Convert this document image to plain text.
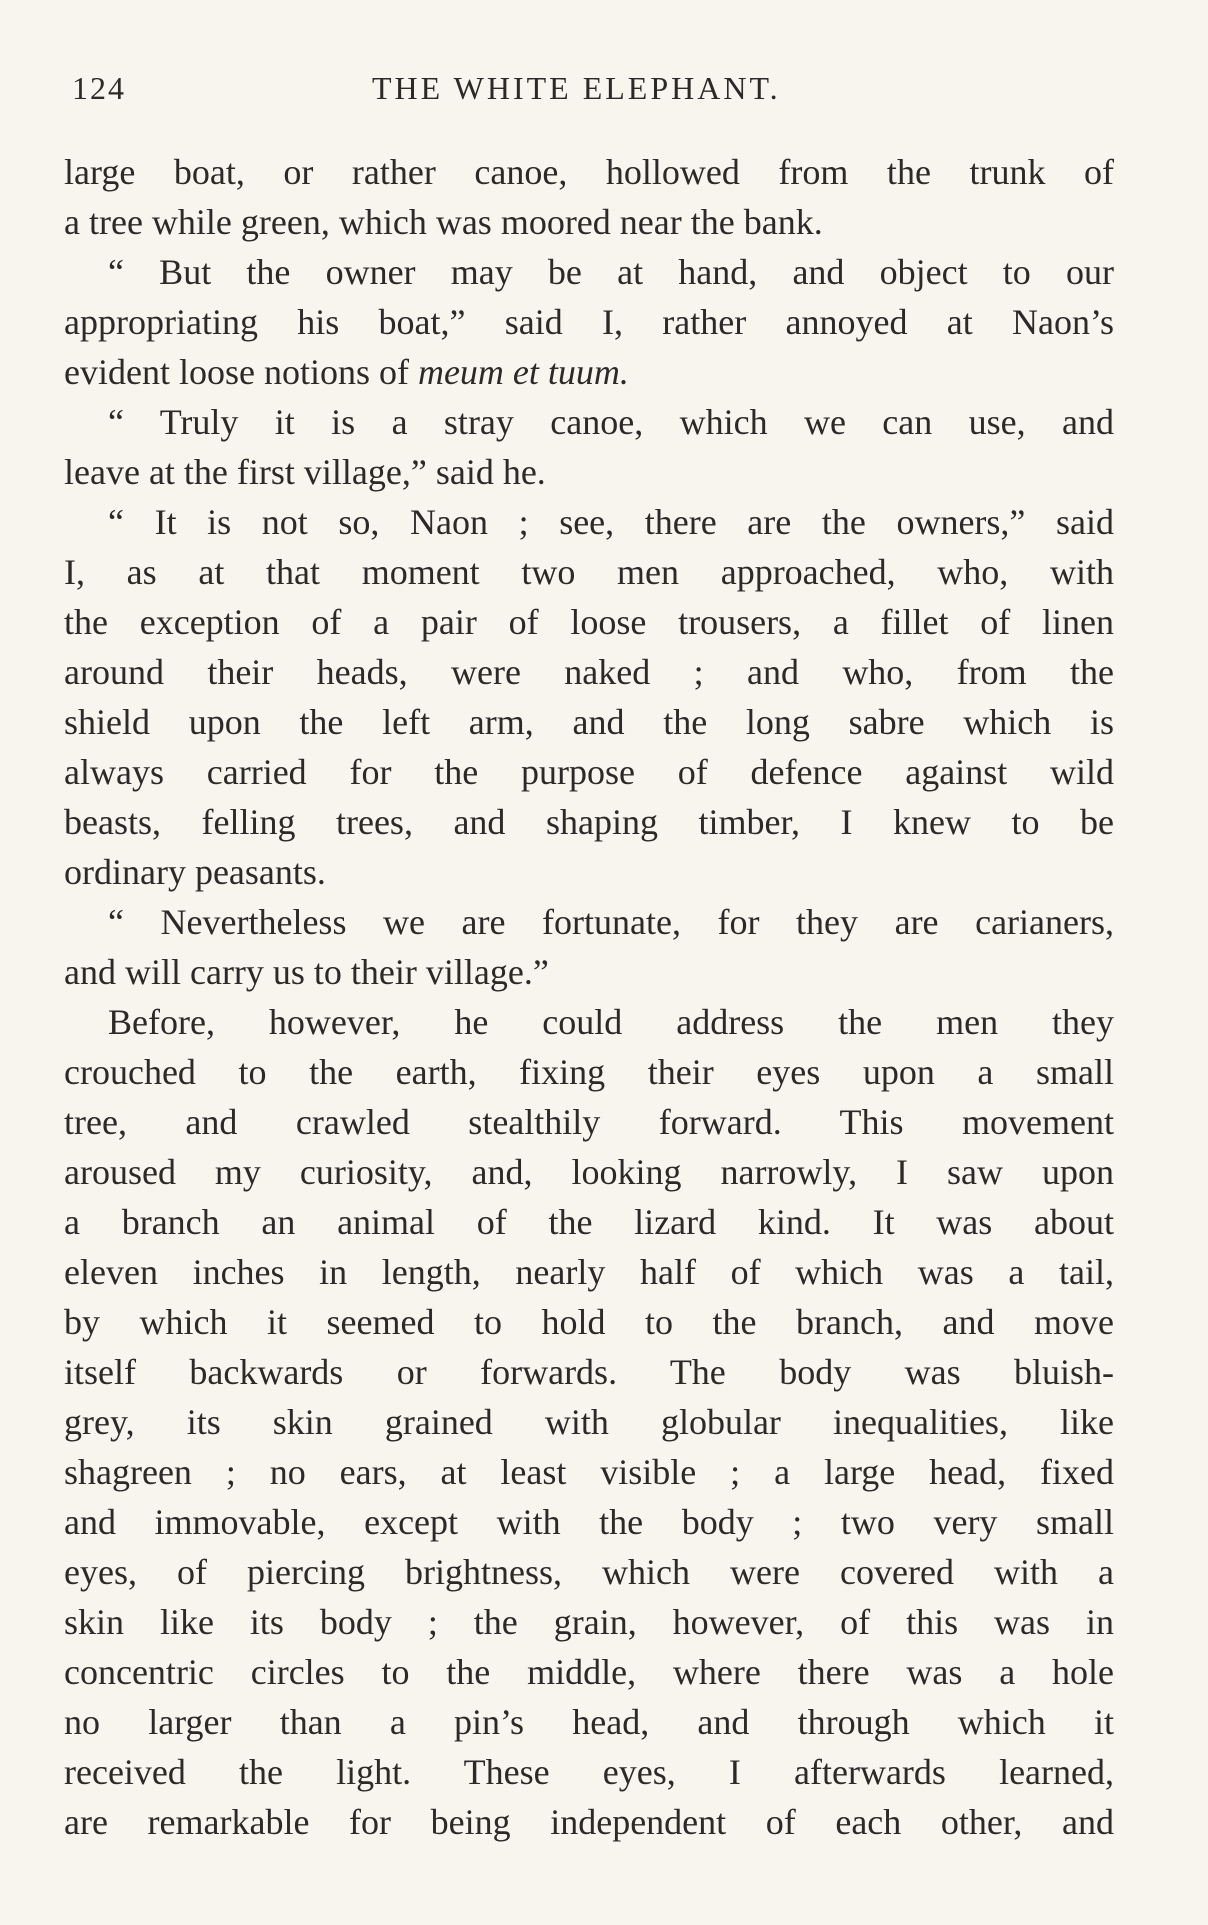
124	THE WHITE ELEPHANT.
large boat, or rather canoe, hollowed from the trunk of
a tree while green, which was moored near the bank.
“ But the owner may be at hand, and object to our
appropriating his boat,” said I, rather annoyed at Naon’s
evident loose notions of meum et tuum.
“ Truly it is a stray canoe, which we can use, and
leave at the first village,” said he.
“ It is not so, Naon ; see, there are the owners,” said
I, as at that moment two men approached, who, with
the exception of a pair of loose trousers, a fillet of linen
around their heads, were naked ; and who, from the
shield upon the left arm, and the long sabre which is
always carried for the purpose of defence against wild
beasts, felling trees, and shaping timber, I knew to be
ordinary peasants.
“ Nevertheless we are fortunate, for they are carianers,
and will carry us to their village.”
Before, however, he could address the men they
crouched to the earth, fixing their eyes upon a small
tree, and crawled stealthily forward. This movement
aroused my curiosity, and, looking narrowly, I saw upon
a branch an animal of the lizard kind. It was about
eleven inches in length, nearly half of which was a tail,
by which it seemed to hold to the branch, and move
itself backwards or forwards. The body was bluish-
grey, its skin grained with globular inequalities, like
shagreen ; no ears, at least visible ; a large head, fixed
and immovable, except with the body ; two very small
eyes, of piercing brightness, which were covered with a
skin like its body ; the grain, however, of this was in
concentric circles to the middle, where there was a hole
no larger than a pin’s head, and through which it
received the light. These eyes, I afterwards learned,
are remarkable for being independent of each other, and
